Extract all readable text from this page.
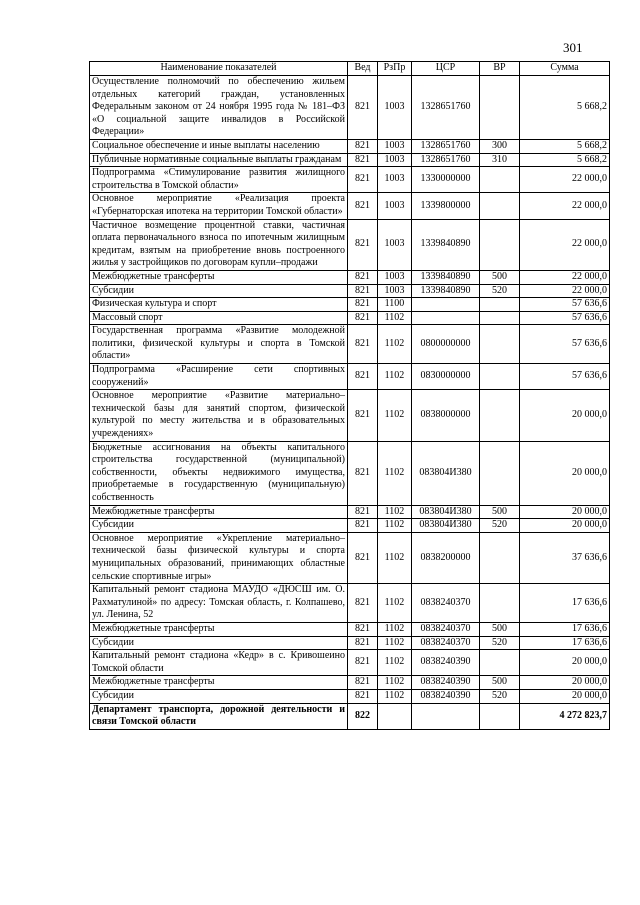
301
Наименование показателей	Вед	РзПр	ЦСР	ВР	Сумма
Осуществление полномочий по обеспечению жильем отдельных категорий граждан, установленных Федеральным законом от 24 ноября 1995 года № 181–ФЗ «О социальной защите инвалидов в Российской Федерации»	821	1003	1328651760		5 668,2
Социальное обеспечение и иные выплаты населению	821	1003	1328651760	300	5 668,2
Публичные нормативные социальные выплаты гражданам	821	1003	1328651760	310	5 668,2
Подпрограмма «Стимулирование развития жилищного строительства в Томской области»	821	1003	1330000000		22 000,0
Основное мероприятие «Реализация проекта «Губернаторская ипотека на территории Томской области»	821	1003	1339800000		22 000,0
Частичное возмещение процентной ставки, частичная оплата первоначального взноса по ипотечным жилищным кредитам, взятым на приобретение вновь построенного жилья у застройщиков по договорам купли–продажи	821	1003	1339840890		22 000,0
Межбюджетные трансферты	821	1003	1339840890	500	22 000,0
Субсидии	821	1003	1339840890	520	22 000,0
Физическая культура и спорт	821	1100			57 636,6
Массовый спорт	821	1102			57 636,6
Государственная программа «Развитие молодежной политики, физической культуры и спорта в Томской области»	821	1102	0800000000		57 636,6
Подпрограмма «Расширение сети спортивных сооружений»	821	1102	0830000000		57 636,6
Основное мероприятие «Развитие материально–технической базы для занятий спортом, физической культурой по месту жительства и в образовательных учреждениях»	821	1102	0838000000		20 000,0
Бюджетные ассигнования на объекты капитального строительства государственной (муниципальной) собственности, объекты недвижимого имущества, приобретаемые в государственную (муниципальную) собственность	821	1102	083804И380		20 000,0
Межбюджетные трансферты	821	1102	083804И380	500	20 000,0
Субсидии	821	1102	083804И380	520	20 000,0
Основное мероприятие «Укрепление материально–технической базы физической культуры и спорта муниципальных образований, принимающих областные сельские спортивные игры»	821	1102	0838200000		37 636,6
Капитальный ремонт стадиона МАУДО «ДЮСШ им. О. Рахматулиной» по адресу: Томская область, г. Колпашево, ул. Ленина, 52	821	1102	0838240370		17 636,6
Межбюджетные трансферты	821	1102	0838240370	500	17 636,6
Субсидии	821	1102	0838240370	520	17 636,6
Капитальный ремонт стадиона «Кедр» в с. Кривошеино Томской области	821	1102	0838240390		20 000,0
Межбюджетные трансферты	821	1102	0838240390	500	20 000,0
Субсидии	821	1102	0838240390	520	20 000,0
Департамент транспорта, дорожной деятельности и связи Томской области	822				4 272 823,7
